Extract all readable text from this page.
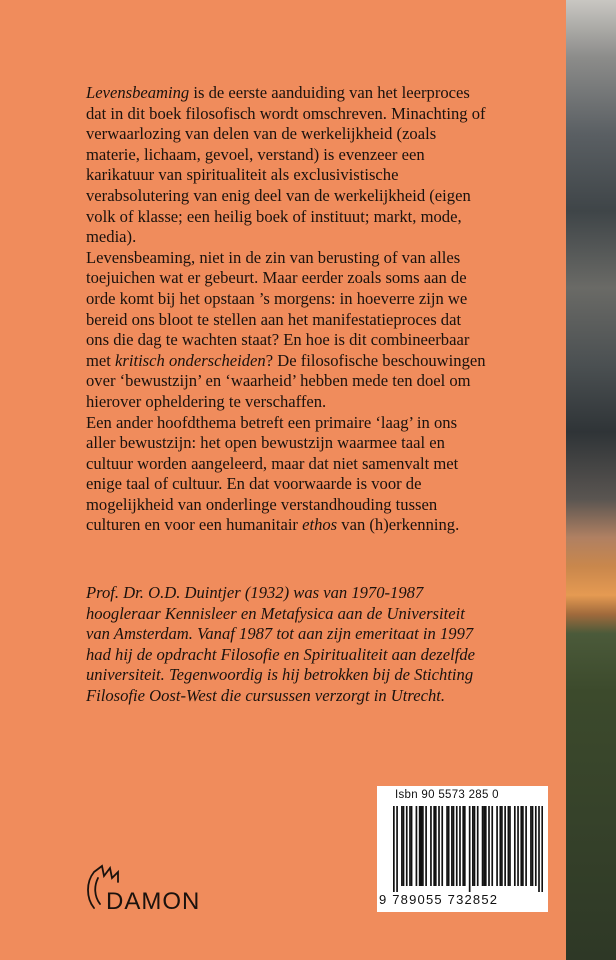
Levensbeaming is de eerste aanduiding van het leerproces dat in dit boek filosofisch wordt omschreven. Minachting of verwaarlozing van delen van de werkelijkheid (zoals materie, lichaam, gevoel, verstand) is evenzeer een karikatuur van spiritualiteit als exclusivistische verabsolutering van enig deel van de werkelijkheid (eigen volk of klasse; een heilig boek of instituut; markt, mode, media).

Levensbeaming, niet in de zin van berusting of van alles toejuichen wat er gebeurt. Maar eerder zoals soms aan de orde komt bij het opstaan ’s morgens: in hoeverre zijn we bereid ons bloot te stellen aan het manifestatieproces dat ons die dag te wachten staat? En hoe is dit combineerbaar met kritisch onderscheiden? De filosofische beschouwingen over ‘bewustzijn’ en ‘waarheid’ hebben mede ten doel om hierover opheldering te verschaffen.

Een ander hoofdthema betreft een primaire ‘laag’ in ons aller bewustzijn: het open bewustzijn waarmee taal en cultuur worden aangeleerd, maar dat niet samenvalt met enige taal of cultuur. En dat voorwaarde is voor de mogelijkheid van onderlinge verstandhouding tussen culturen en voor een humanitair ethos van (h)erkenning.

Prof. Dr. O.D. Duintjer (1932) was van 1970-1987 hoogleraar Kennisleer en Metafysica aan de Universiteit van Amsterdam. Vanaf 1987 tot aan zijn emeritaat in 1997 had hij de opdracht Filosofie en Spiritualiteit aan dezelfde universiteit. Tegenwoordig is hij betrokken bij de Stichting Filosofie Oost-West die cursussen verzorgt in Utrecht.

DAMON
Isbn 90 5573 285 0
9 789055 732852
